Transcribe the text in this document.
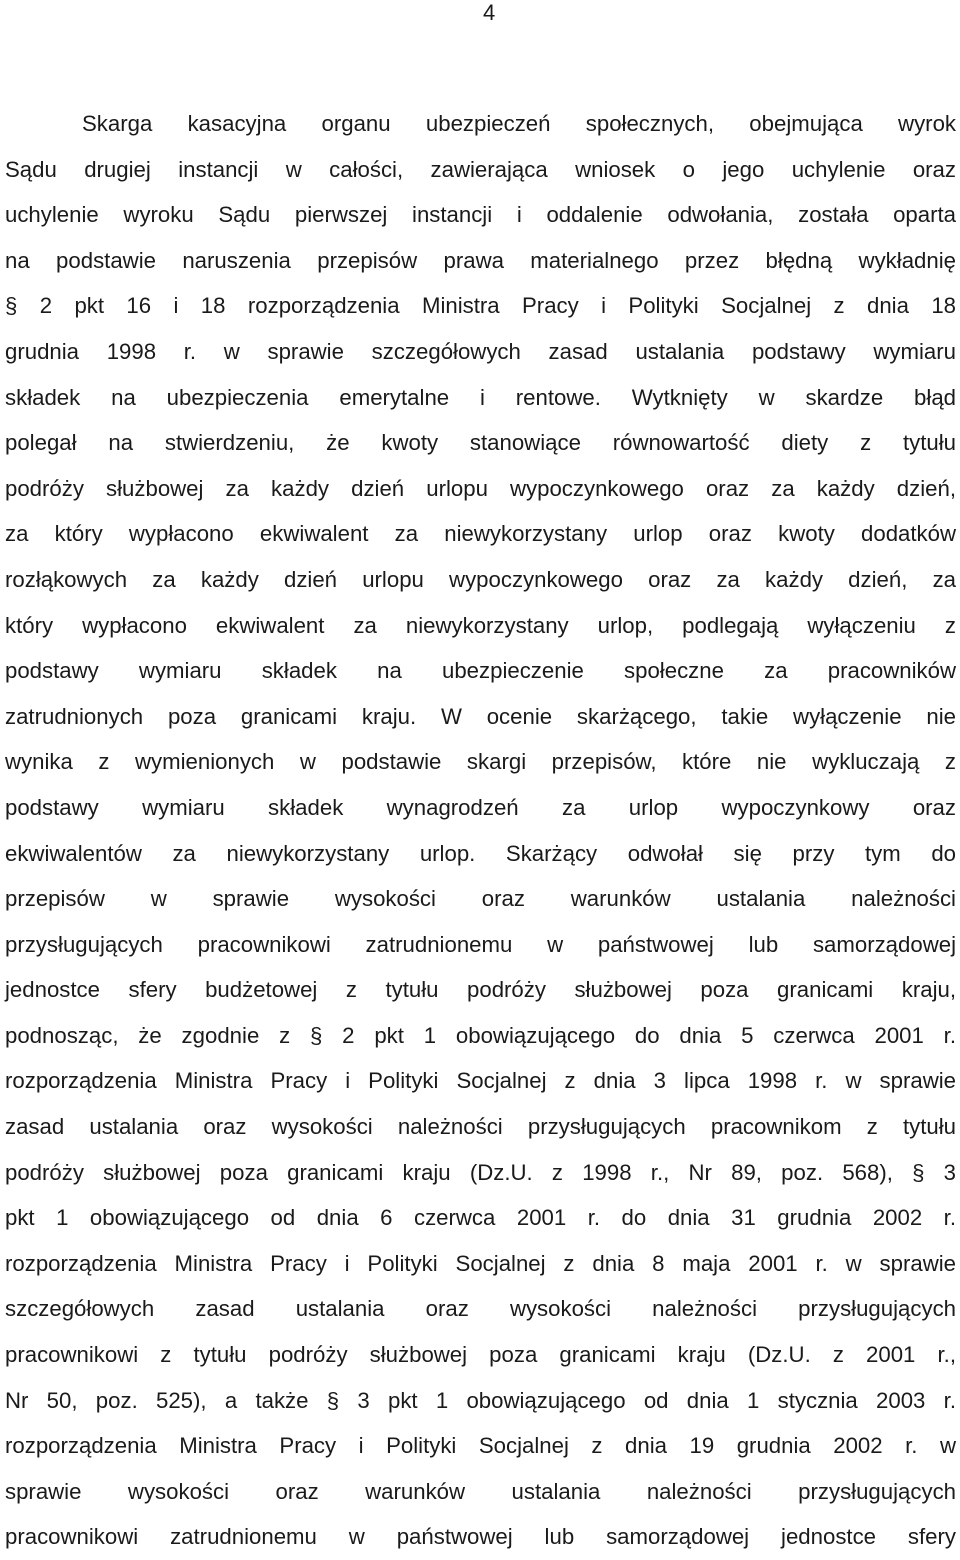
4
Skarga kasacyjna organu ubezpieczeń społecznych, obejmująca wyrok
Sądu drugiej instancji w całości, zawierająca wniosek o jego uchylenie oraz
uchylenie wyroku Sądu pierwszej instancji i oddalenie odwołania, została oparta
na podstawie naruszenia przepisów prawa materialnego przez błędną wykładnię
§ 2 pkt 16 i 18 rozporządzenia Ministra Pracy i Polityki Socjalnej z dnia 18
grudnia 1998 r. w sprawie szczegółowych zasad ustalania podstawy wymiaru
składek na ubezpieczenia emerytalne i rentowe. Wytknięty w skardze błąd
polegał na stwierdzeniu, że kwoty stanowiące równowartość diety z tytułu
podróży służbowej za każdy dzień urlopu wypoczynkowego oraz za każdy dzień,
za który wypłacono ekwiwalent za niewykorzystany urlop oraz kwoty dodatków
rozłąkowych za każdy dzień urlopu wypoczynkowego oraz za każdy dzień, za
który wypłacono ekwiwalent za niewykorzystany urlop, podlegają wyłączeniu z
podstawy wymiaru składek na ubezpieczenie społeczne za pracowników
zatrudnionych poza granicami kraju. W ocenie skarżącego, takie wyłączenie nie
wynika z wymienionych w podstawie skargi przepisów, które nie wykluczają z
podstawy wymiaru składek wynagrodzeń za urlop wypoczynkowy oraz
ekwiwalentów za niewykorzystany urlop. Skarżący odwołał się przy tym do
przepisów w sprawie wysokości oraz warunków ustalania należności
przysługujących pracownikowi zatrudnionemu w państwowej lub samorządowej
jednostce sfery budżetowej z tytułu podróży służbowej poza granicami kraju,
podnosząc, że zgodnie z § 2 pkt 1 obowiązującego do dnia 5 czerwca 2001 r.
rozporządzenia Ministra Pracy i Polityki Socjalnej z dnia 3 lipca 1998 r. w sprawie
zasad ustalania oraz wysokości należności przysługujących pracownikom z tytułu
podróży służbowej poza granicami kraju (Dz.U. z 1998 r., Nr 89, poz. 568), § 3
pkt 1 obowiązującego od dnia 6 czerwca 2001 r. do dnia 31 grudnia 2002 r.
rozporządzenia Ministra Pracy i Polityki Socjalnej z dnia 8 maja 2001 r. w sprawie
szczegółowych zasad ustalania oraz wysokości należności przysługujących
pracownikowi z tytułu podróży służbowej poza granicami kraju (Dz.U. z 2001 r.,
Nr 50, poz. 525), a także § 3 pkt 1 obowiązującego od dnia 1 stycznia 2003 r.
rozporządzenia Ministra Pracy i Polityki Socjalnej z dnia 19 grudnia 2002 r. w
sprawie wysokości oraz warunków ustalania należności przysługujących
pracownikowi zatrudnionemu w państwowej lub samorządowej jednostce sfery
